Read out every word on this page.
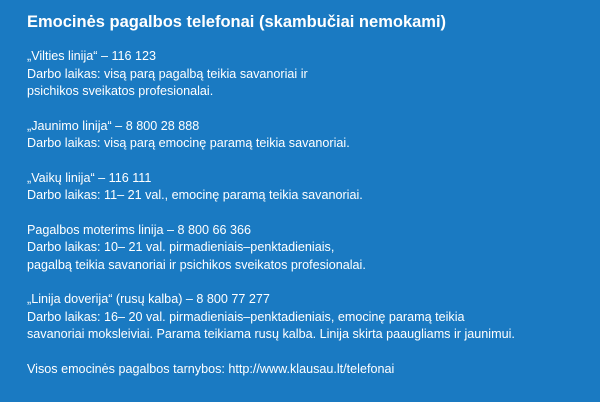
Emocinės pagalbos telefonai (skambučiai nemokami)
„Vilties linija“ – 116 123
Darbo laikas: visą parą pagalbą teikia savanoriai ir
psichikos sveikatos profesionalai.
„Jaunimo linija“ – 8 800 28 888
Darbo laikas: visą parą emocinę paramą teikia savanoriai.
„Vaikų linija“ – 116 111
Darbo laikas: 11– 21 val., emocinę paramą teikia savanoriai.
Pagalbos moterims linija – 8 800 66 366
Darbo laikas: 10– 21 val. pirmadieniais–penktadieniais,
pagalbą teikia savanoriai ir psichikos sveikatos profesionalai.
„Linija doverija“ (rusų kalba) – 8 800 77 277
Darbo laikas: 16– 20 val. pirmadieniais–penktadieniais, emocinę paramą teikia
savanoriai moksleiviai. Parama teikiama rusų kalba. Linija skirta paaugliams ir jaunimui.
Visos emocinės pagalbos tarnybos: http://www.klausau.lt/telefonai
